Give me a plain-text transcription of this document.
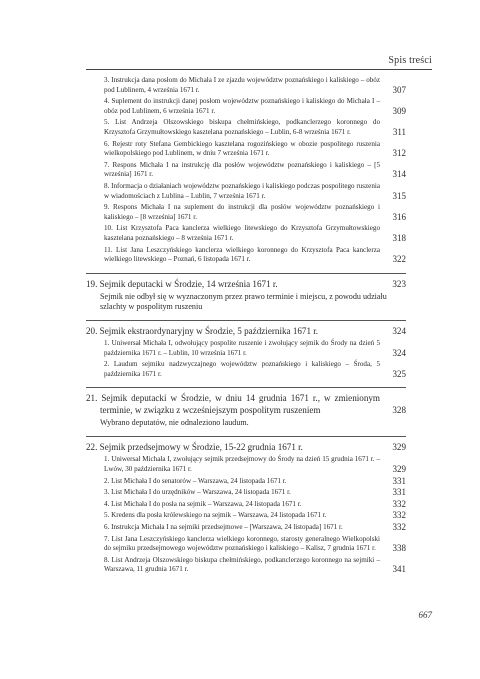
Spis treści
3. Instrukcja dana posłom do Michała I ze zjazdu województw poznańskiego i kaliskiego – obóz pod Lublinem, 4 września 1671 r.	307
4. Suplement do instrukcji danej posłom województw poznańskiego i kaliskiego do Michała I – obóz pod Lublinem, 6 września 1671 r.	309
5. List Andrzeja Olszowskiego biskupa chełmińskiego, podkanclerzego koronnego do Krzysztofa Grzymułtowskiego kasztelana poznańskiego – Lublin, 6-8 września 1671 r.	311
6. Rejestr roty Stefana Gembickiego kasztelana rogozińskiego w obozie pospolitego ruszenia wielkopolskiego pod Lublinem, w dniu 7 września 1671 r.	312
7. Respons Michała I na instrukcję dla posłów województw poznańskiego i kaliskiego – [5 września] 1671 r.	314
8. Informacja o działaniach województw poznańskiego i kaliskiego podczas pospolitego ruszenia w wiadomościach z Lublina – Lublin, 7 września 1671 r.	315
9. Respons Michała I na suplement do instrukcji dla posłów województw poznańskiego i kaliskiego – [8 września] 1671 r.	316
10. List Krzysztofa Paca kanclerza wielkiego litewskiego do Krzysztofa Grzymułtowskiego kasztelana poznańskiego – 8 września 1671 r.	318
11. List Jana Leszczyńskiego kanclerza wielkiego koronnego do Krzysztofa Paca kanclerza wielkiego litewskiego – Poznań, 6 listopada 1671 r.	322
19. Sejmik deputacki w Środzie, 14 września 1671 r.	323
Sejmik nie odbył się w wyznaczonym przez prawo terminie i miejscu, z powodu udziału szlachty w pospolitym ruszeniu
20. Sejmik ekstraordynaryjny w Środzie, 5 października 1671 r.	324
1. Uniwersał Michała I, odwołujący pospolite ruszenie i zwołujący sejmik do Środy na dzień 5 października 1671 r. – Lublin, 10 września 1671 r.	324
2. Laudum sejmiku nadzwyczajnego województw poznańskiego i kaliskiego – Środa, 5 października 1671 r.	325
21. Sejmik deputacki w Środzie, w dniu 14 grudnia 1671 r., w zmienionym terminie, w związku z wcześniejszym pospolitym ruszeniem	328
Wybrano deputatów, nie odnaleziono laudum.
22. Sejmik przedsejmowy w Środzie, 15-22 grudnia 1671 r.	329
1. Uniwersał Michała I, zwołujący sejmik przedsejmowy do Środy na dzień 15 grudnia 1671 r. – Lwów, 30 października 1671 r.	329
2. List Michała I do senatorów – Warszawa, 24 listopada 1671 r.	331
3. List Michała I do urzędników – Warszawa, 24 listopada 1671 r.	331
4. List Michała I do posła na sejmik – Warszawa, 24 listopada 1671 r.	332
5. Kredens dla posła królewskiego na sejmik – Warszawa, 24 listopada 1671 r.	332
6. Instrukcja Michała I na sejmiki przedsejmowe – [Warszawa, 24 listopada] 1671 r.	332
7. List Jana Leszczyńskiego kanclerza wielkiego koronnego, starosty generalnego Wielkopolski do sejmiku przedsejmowego województw poznańskiego i kaliskiego – Kalisz, 7 grudnia 1671 r.	338
8. List Andrzeja Olszowskiego biskupa chełmińskiego, podkanclerzego koronnego na sejmiki – Warszawa, 11 grudnia 1671 r.	341
667
